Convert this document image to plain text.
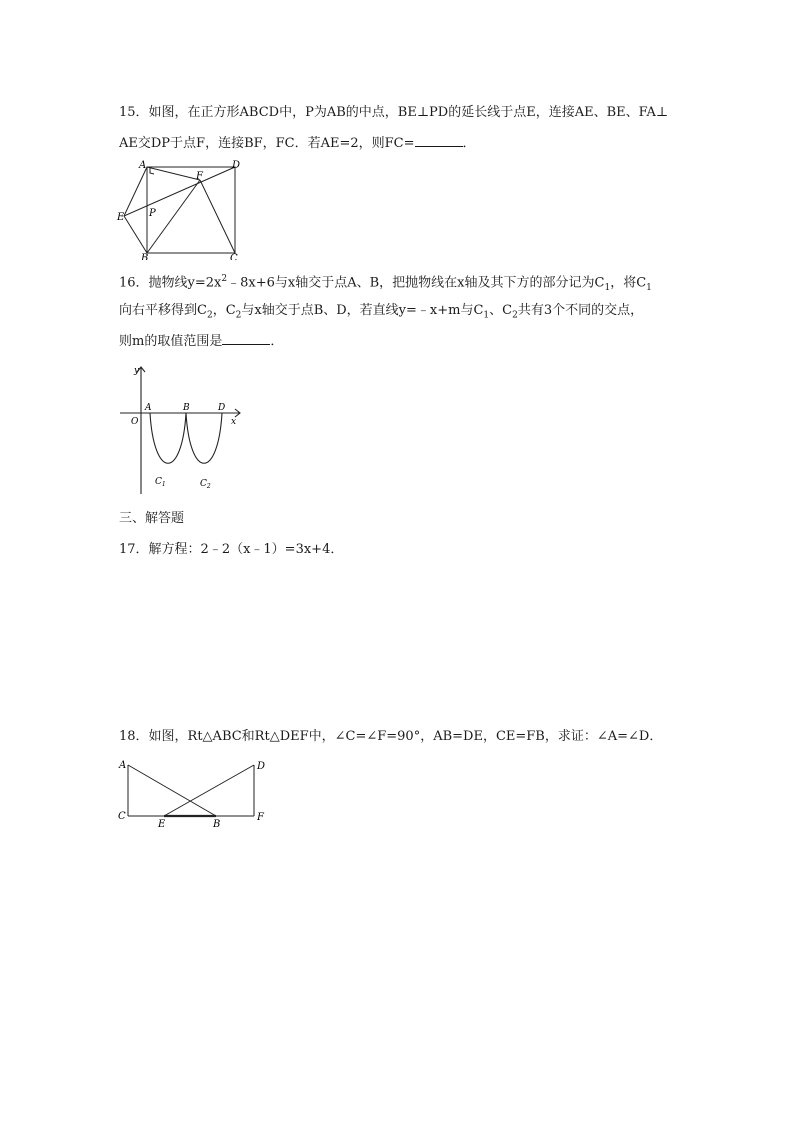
15．如图，在正方形ABCD中，P为AB的中点，BE⊥PD的延长线于点E，连接AE、BE、FA⊥
AE交DP于点F，连接BF，FC．若AE=2，则FC=	．
A	D
F
E P
B	C
16．抛物线$y=2x^2﹣8x+6$与x轴交于点A、B，把抛物线在x轴及其下方的部分记为$C_1$，将$C_1$
向右平移得到$C_2$，$C_2$与x轴交于点B、D，若直线y=﹣x+m与$C_1$、$C_2$共有3个不同的交点，
则m的取值范围是	．
y
x
O
A	B	D
$C_1$	$C_2$
三、解答题
17．解方程：2﹣2（x﹣1）=3x+4．
18．如图，Rt△ABC和Rt△DEF中，∠C=∠F=90°，AB=DE，CE=FB，求证：∠A=∠D．
A	D
C
E	B
F
